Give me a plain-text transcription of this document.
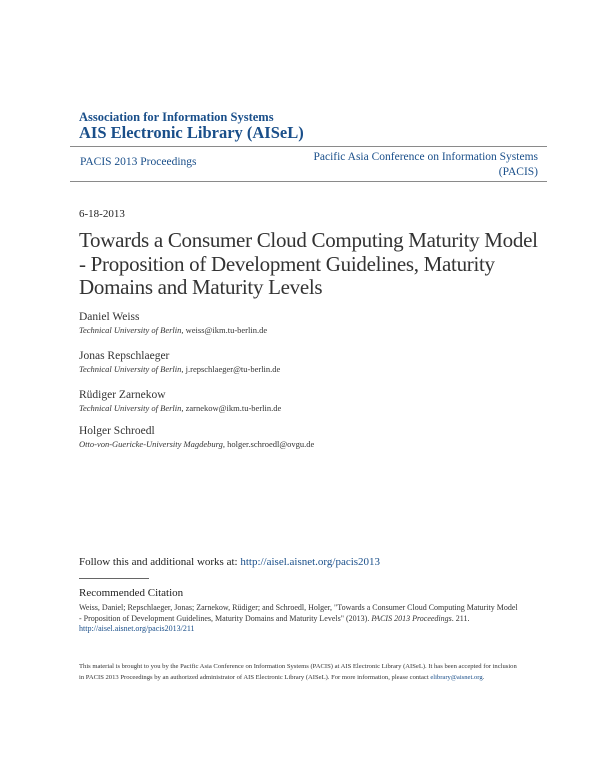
Association for Information Systems
AIS Electronic Library (AISeL)
PACIS 2013 Proceedings	Pacific Asia Conference on Information Systems (PACIS)
6-18-2013
Towards a Consumer Cloud Computing Maturity Model - Proposition of Development Guidelines, Maturity Domains and Maturity Levels
Daniel Weiss
Technical University of Berlin, weiss@ikm.tu-berlin.de
Jonas Repschlaeger
Technical University of Berlin, j.repschlaeger@tu-berlin.de
Rüdiger Zarnekow
Technical University of Berlin, zarnekow@ikm.tu-berlin.de
Holger Schroedl
Otto-von-Guericke-University Magdeburg, holger.schroedl@ovgu.de
Follow this and additional works at: http://aisel.aisnet.org/pacis2013
Recommended Citation
Weiss, Daniel; Repschlaeger, Jonas; Zarnekow, Rüdiger; and Schroedl, Holger, "Towards a Consumer Cloud Computing Maturity Model - Proposition of Development Guidelines, Maturity Domains and Maturity Levels" (2013). PACIS 2013 Proceedings. 211.
http://aisel.aisnet.org/pacis2013/211
This material is brought to you by the Pacific Asia Conference on Information Systems (PACIS) at AIS Electronic Library (AISeL). It has been accepted for inclusion in PACIS 2013 Proceedings by an authorized administrator of AIS Electronic Library (AISeL). For more information, please contact elibrary@aisnet.org.
